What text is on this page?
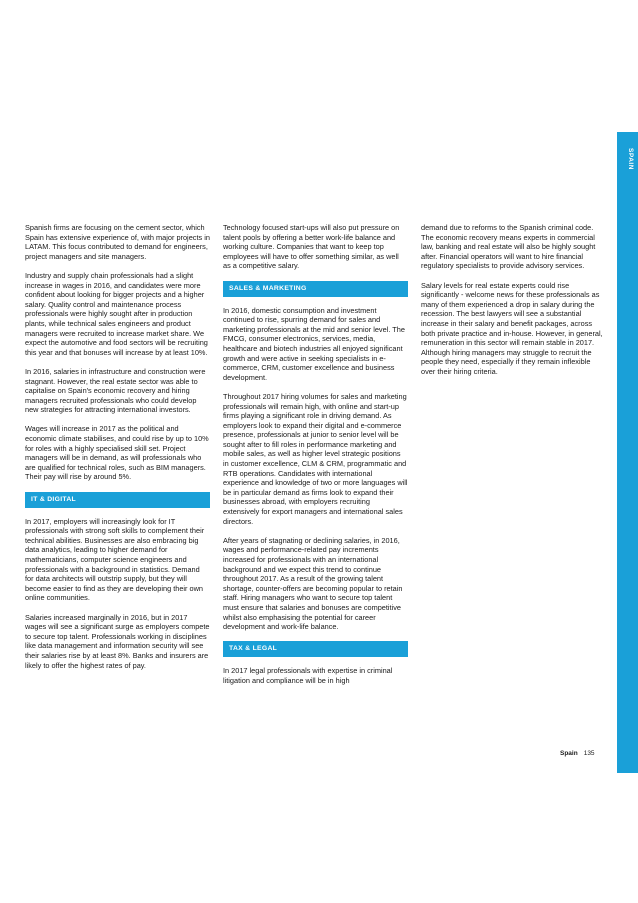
SPAIN

Spanish firms are focusing on the cement sector, which Spain has extensive experience of, with major projects in LATAM. This focus contributed to demand for engineers, project managers and site managers.

Industry and supply chain professionals had a slight increase in wages in 2016, and candidates were more confident about looking for bigger projects and a higher salary. Quality control and maintenance process professionals were highly sought after in production plants, while technical sales engineers and product managers were recruited to increase market share. We expect the automotive and food sectors will be recruiting this year and that bonuses will increase by at least 10%.

In 2016, salaries in infrastructure and construction were stagnant. However, the real estate sector was able to capitalise on Spain's economic recovery and hiring managers recruited professionals who could develop new strategies for attracting international investors.

Wages will increase in 2017 as the political and economic climate stabilises, and could rise by up to 10% for roles with a highly specialised skill set. Project managers will be in demand, as will professionals who are qualified for technical roles, such as BIM managers. Their pay will rise by around 5%.

IT & DIGITAL

In 2017, employers will increasingly look for IT professionals with strong soft skills to complement their technical abilities. Businesses are also embracing big data analytics, leading to higher demand for mathematicians, computer science engineers and professionals with a background in statistics. Demand for data architects will outstrip supply, but they will become easier to find as they are developing their own online communities.

Salaries increased marginally in 2016, but in 2017 wages will see a significant surge as employers compete to secure top talent. Professionals working in disciplines like data management and information security will see their salaries rise by at least 8%. Banks and insurers are likely to offer the highest rates of pay.

Technology focused start-ups will also put pressure on talent pools by offering a better work-life balance and working culture. Companies that want to keep top employees will have to offer something similar, as well as a competitive salary.

SALES & MARKETING

In 2016, domestic consumption and investment continued to rise, spurring demand for sales and marketing professionals at the mid and senior level. The FMCG, consumer electronics, services, media, healthcare and biotech industries all enjoyed significant growth and were active in seeking specialists in e-commerce, CRM, customer excellence and business development.

Throughout 2017 hiring volumes for sales and marketing professionals will remain high, with online and start-up firms playing a significant role in driving demand. As employers look to expand their digital and e-commerce presence, professionals at junior to senior level will be sought after to fill roles in performance marketing and mobile sales, as well as higher level strategic positions in customer excellence, CLM & CRM, programmatic and RTB operations. Candidates with international experience and knowledge of two or more languages will be in particular demand as firms look to expand their businesses abroad, with employers recruiting extensively for export managers and international sales directors.

After years of stagnating or declining salaries, in 2016, wages and performance-related pay increments increased for professionals with an international background and we expect this trend to continue throughout 2017. As a result of the growing talent shortage, counter-offers are becoming popular to retain staff. Hiring managers who want to secure top talent must ensure that salaries and bonuses are competitive whilst also emphasising the potential for career development and work-life balance.

TAX & LEGAL

In 2017 legal professionals with expertise in criminal litigation and compliance will be in high

demand due to reforms to the Spanish criminal code. The economic recovery means experts in commercial law, banking and real estate will also be highly sought after. Financial operators will want to hire financial regulatory specialists to provide advisory services.

Salary levels for real estate experts could rise significantly - welcome news for these professionals as many of them experienced a drop in salary during the recession. The best lawyers will see a substantial increase in their salary and benefit packages, across both private practice and in-house. However, in general, remuneration in this sector will remain stable in 2017. Although hiring managers may struggle to recruit the people they need, especially if they remain inflexible over their hiring criteria.

Spain 135
